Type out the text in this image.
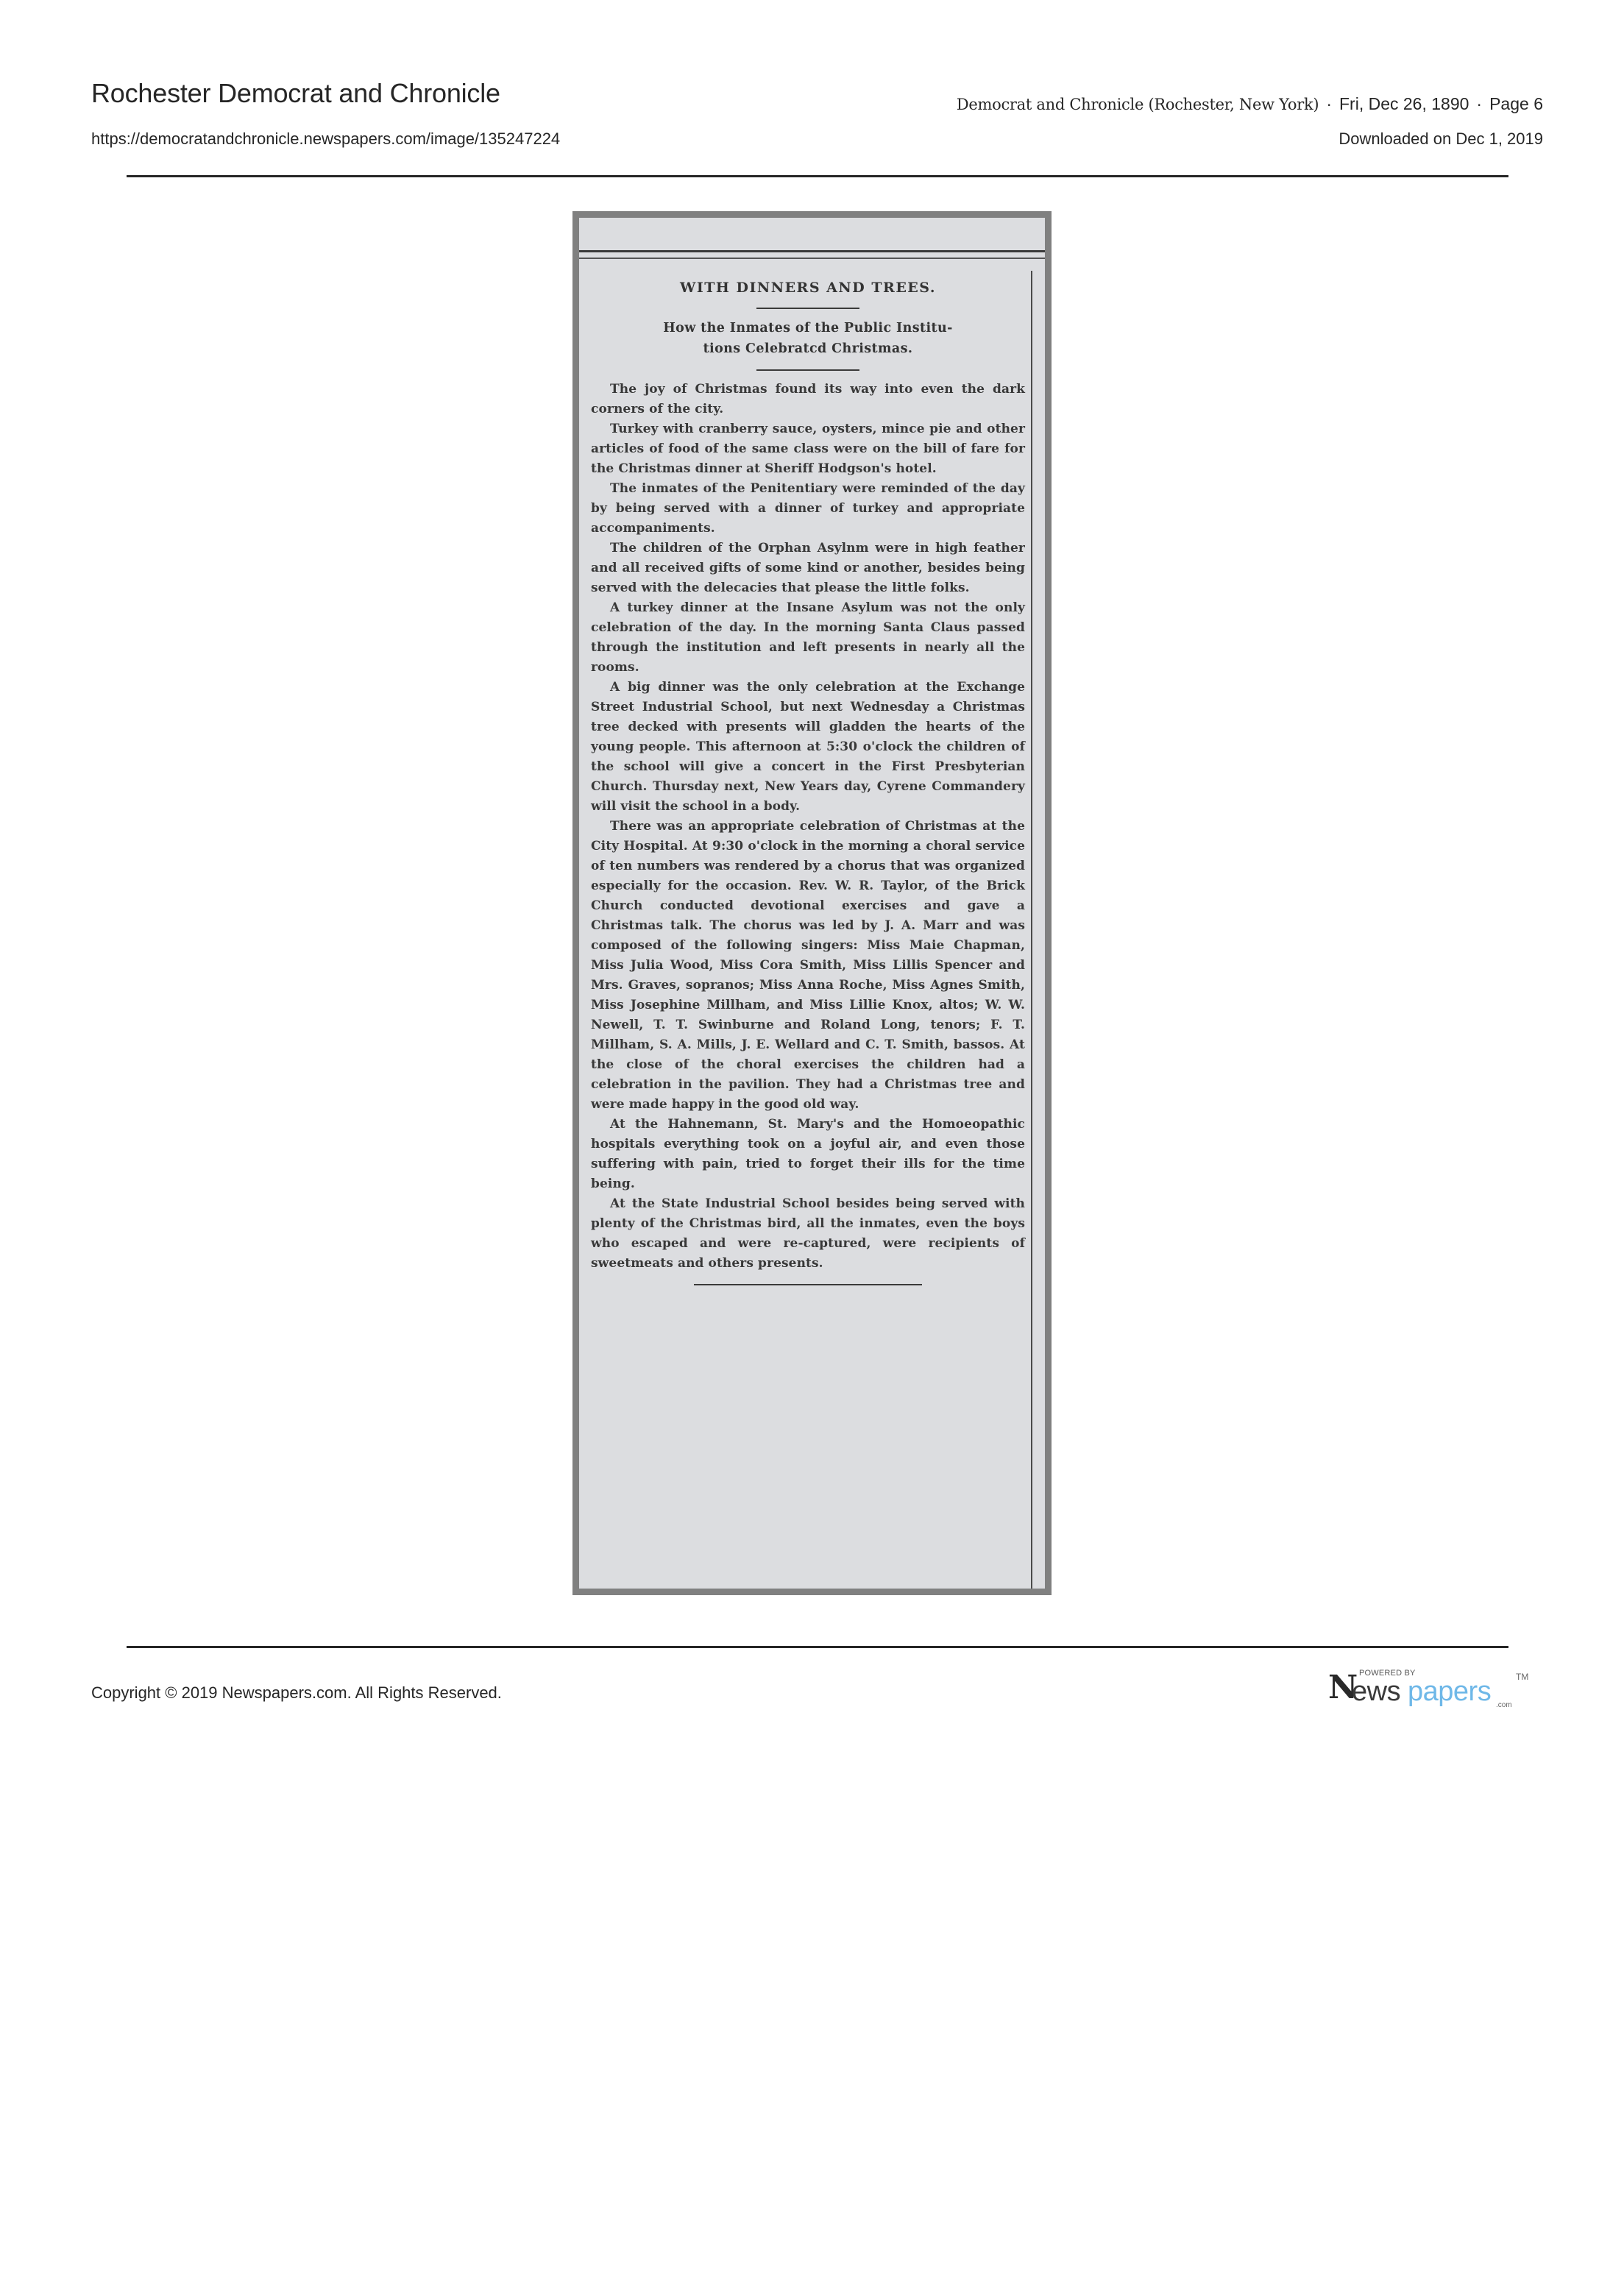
Rochester Democrat and Chronicle
https://democratandchronicle.newspapers.com/image/135247224
Democrat and Chronicle (Rochester, New York) · Fri, Dec 26, 1890 · Page 6
Downloaded on Dec 1, 2019
WITH DINNERS AND TREES.
How the Inmates of the Public Institu-
tions Celebratcd Christmas.

The joy of Christmas found its way into even the dark corners of the city.

Turkey with cranberry sauce, oysters, mince pie and other articles of food of the same class were on the bill of fare for the Christmas dinner at Sheriff Hodgson's hotel.

The inmates of the Penitentiary were reminded of the day by being served with a dinner of turkey and appropriate accompaniments.

The children of the Orphan Asylnm were in high feather and all received gifts of some kind or another, besides being served with the delecacies that please the little folks.

A turkey dinner at the Insane Asylum was not the only celebration of the day. In the morning Santa Claus passed through the institution and left presents in nearly all the rooms.

A big dinner was the only celebration at the Exchange Street Industrial School, but next Wednesday a Christmas tree decked with presents will gladden the hearts of the young people. This afternoon at 5:30 o'clock the children of the school will give a concert in the First Presbyterian Church. Thursday next, New Years day, Cyrene Commandery will visit the school in a body.

There was an appropriate celebration of Christmas at the City Hospital. At 9:30 o'clock in the morning a choral service of ten numbers was rendered by a chorus that was organized especially for the occasion. Rev. W. R. Taylor, of the Brick Church conducted devotional exercises and gave a Christmas talk. The chorus was led by J. A. Marr and was composed of the following singers: Miss Maie Chapman, Miss Julia Wood, Miss Cora Smith, Miss Lillis Spencer and Mrs. Graves, sopranos; Miss Anna Roche, Miss Agnes Smith, Miss Josephine Millham, and Miss Lillie Knox, altos; W. W. Newell, T. T. Swinburne and Roland Long, tenors; F. T. Millham, S. A. Mills, J. E. Wellard and C. T. Smith, bassos. At the close of the choral exercises the children had a celebration in the pavilion. They had a Christmas tree and were made happy in the good old way.

At the Hahnemann, St. Mary's and the Homoeopathic hospitals everything took on a joyful air, and even those suffering with pain, tried to forget their ills for the time being.

At the State Industrial School besides being served with plenty of the Christmas bird, all the inmates, even the boys who escaped and were re-captured, were recipients of sweetmeats and others presents.

Copyright © 2019 Newspapers.com. All Rights Reserved.	N POWERED BY
ews papers	TM
.com
